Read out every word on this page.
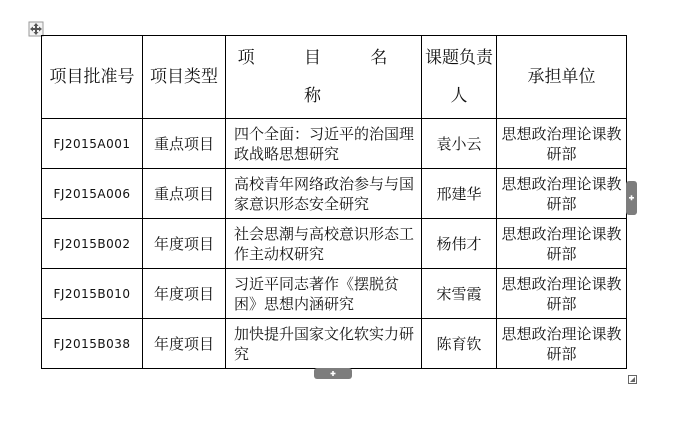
项目批准号	项目类型	项 目 名 称	课题负责人	承担单位
FJ2015A001	重点项目	四个全面：习近平的治国理政战略思想研究	袁小云	思想政治理论课教研部
FJ2015A006	重点项目	高校青年网络政治参与与国家意识形态安全研究	邢建华	思想政治理论课教研部
FJ2015B002	年度项目	社会思潮与高校意识形态工作主动权研究	杨伟才	思想政治理论课教研部
FJ2015B010	年度项目	习近平同志著作《摆脱贫困》思想内涵研究	宋雪霞	思想政治理论课教研部
FJ2015B038	年度项目	加快提升国家文化软实力研究	陈育钦	思想政治理论课教研部
